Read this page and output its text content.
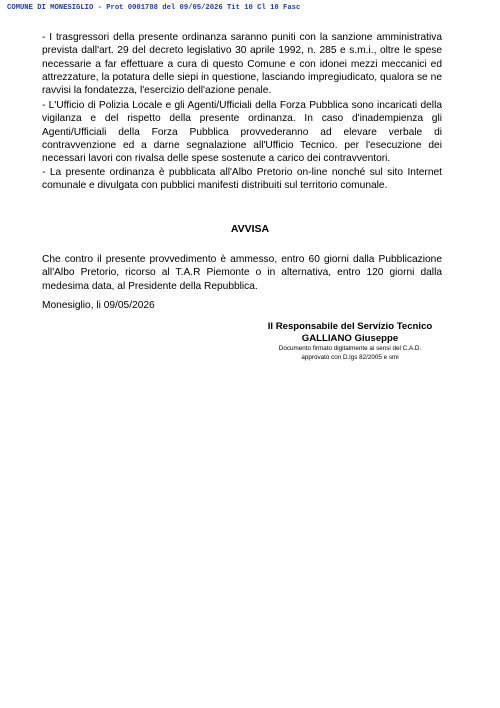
COMUNE DI MONESIGLIO - Prot 0001788 del 09/05/2026 Tit 10 Cl 10 Fasc
- I trasgressori della presente ordinanza saranno puniti con la sanzione amministrativa prevista dall'art. 29 del decreto legislativo 30 aprile 1992, n. 285 e s.m.i., oltre le spese necessarie a far effettuare a cura di questo Comune e con idonei mezzi meccanici ed attrezzature, la potatura delle siepi in questione, lasciando impregiudicato, qualora se ne ravvisi la fondatezza, l'esercizio dell'azione penale.
- L'Ufficio di Polizia Locale e gli Agenti/Ufficiali della Forza Pubblica sono incaricati della vigilanza e del rispetto della presente ordinanza. In caso d'inadempienza gli Agenti/Ufficiali della Forza Pubblica provvederanno ad elevare verbale di contravvenzione ed a darne segnalazione all'Ufficio Tecnico. per l'esecuzione dei necessari lavori con rivalsa delle spese sostenute a carico dei contravventori.
- La presente ordinanza è pubblicata all'Albo Pretorio on-line nonché sul sito Internet comunale e divulgata con pubblici manifesti distribuiti sul territorio comunale.
AVVISA
Che contro il presente provvedimento è ammesso, entro 60 giorni dalla Pubblicazione all'Albo Pretorio, ricorso al T.A.R Piemonte o in alternativa, entro 120 giorni dalla medesima data, al Presidente della Repubblica.
Monesiglio, li 09/05/2026
Il Responsabile del Servizio Tecnico
GALLIANO Giuseppe
Documento firmato digitalmente ai sensi del C.A.D.
approvato con D.lgs 82/2005 e smi
